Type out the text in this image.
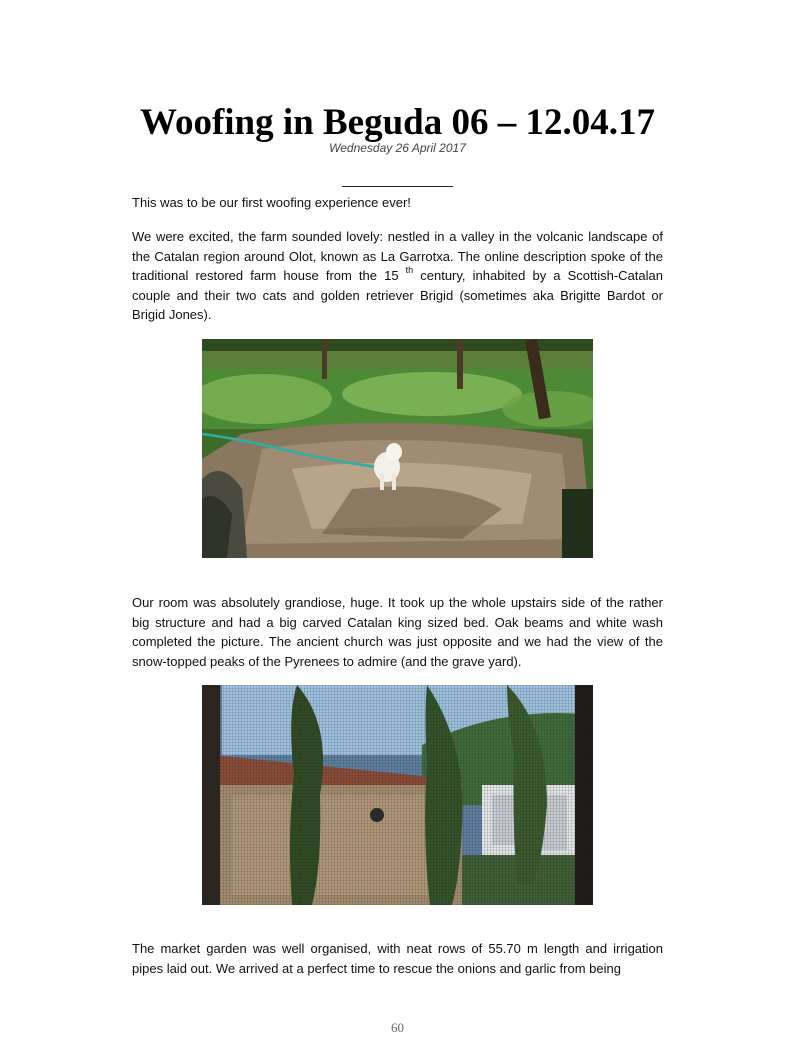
Woofing in Beguda 06 – 12.04.17
Wednesday 26 April 2017

This was to be our first woofing experience ever!

We were excited, the farm sounded lovely: nestled in a valley in the volcanic landscape of the Catalan region around Olot, known as La Garrotxa. The online description spoke of the traditional restored farm house from the 15 $^{th}$ century, inhabited by a Scottish-Catalan couple and their two cats and golden retriever Brigid (sometimes aka Brigitte Bardot or Brigid Jones).

Our room was absolutely grandiose, huge. It took up the whole upstairs side of the rather big structure and had a big carved Catalan king sized bed. Oak beams and white wash completed the picture. The ancient church was just opposite and we had the view of the snow-topped peaks of the Pyrenees to admire (and the grave yard).

The market garden was well organised, with neat rows of 55.70 m length and irrigation pipes laid out. We arrived at a perfect time to rescue the onions and garlic from being

60
